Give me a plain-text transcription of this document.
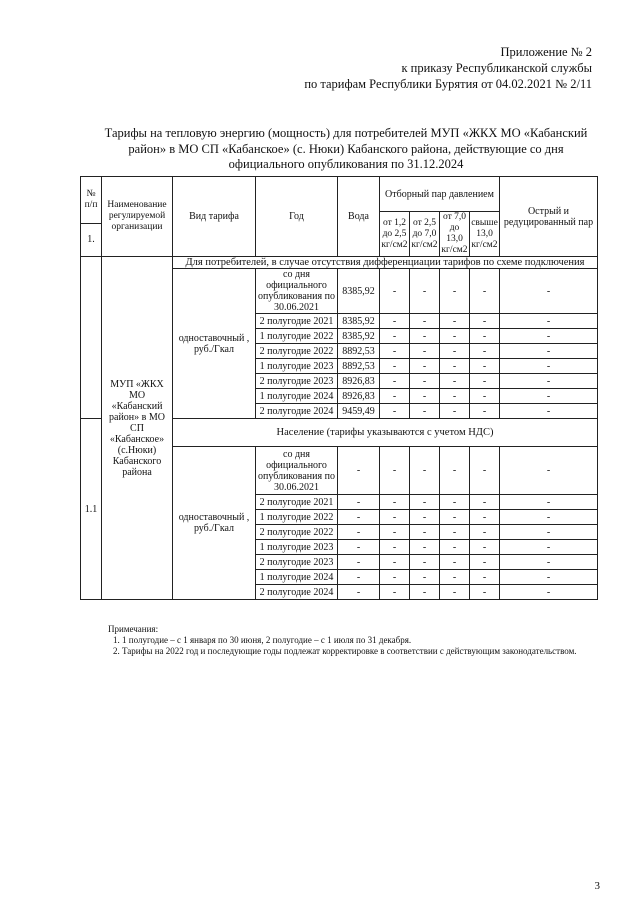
Приложение № 2
к приказу Республиканской службы
по тарифам Республики Бурятия от 04.02.2021 № 2/11
Тарифы на тепловую энергию (мощность) для потребителей МУП «ЖКХ МО «Кабанский район» в МО СП «Кабанское» (с. Нюки) Кабанского района, действующие со дня официального опубликования по 31.12.2024
№ п/п	Наименование регулируемой организации	Вид тарифа	Год	Вода	Отборный пар давлением				Острый и редуцированный пар
					от 1,2 до 2,5 кг/см2	от 2,5 до 7,0 кг/см2	от 7,0 до 13,0 кг/см2	свыше 13,0 кг/см2	
1.									
	МУП «ЖКХ МО «Кабанский район» в МО СП «Кабанское» (с.Нюки) Кабанского района	Для потребителей, в случае отсутствия дифференциации тарифов по схеме подключения							
		одноставочный , руб./Гкал	со дня официального опубликования по 30.06.2021	8385,92	-	-	-	-	-
			2 полугодие 2021	8385,92	-	-	-	-	-
			1 полугодие 2022	8385,92	-	-	-	-	-
			2 полугодие 2022	8892,53	-	-	-	-	-
			1 полугодие 2023	8892,53	-	-	-	-	-
			2 полугодие 2023	8926,83	-	-	-	-	-
			1 полугодие 2024	8926,83	-	-	-	-	-
			2 полугодие 2024	9459,49	-	-	-	-	-
1.1		Население (тарифы указываются с учетом НДС)							
		одноставочный , руб./Гкал	со дня официального опубликования по 30.06.2021	-	-	-	-	-	-
			2 полугодие 2021	-	-	-	-	-	-
			1 полугодие 2022	-	-	-	-	-	-
			2 полугодие 2022	-	-	-	-	-	-
			1 полугодие 2023	-	-	-	-	-	-
			2 полугодие 2023	-	-	-	-	-	-
			1 полугодие 2024	-	-	-	-	-	-
			2 полугодие 2024	-	-	-	-	-	-
Примечания:
1. 1 полугодие – с 1 января по 30 июня, 2 полугодие – с 1 июля по 31 декабря.
2. Тарифы на 2022 год и последующие годы подлежат корректировке в соответствии с действующим законодательством.
3
